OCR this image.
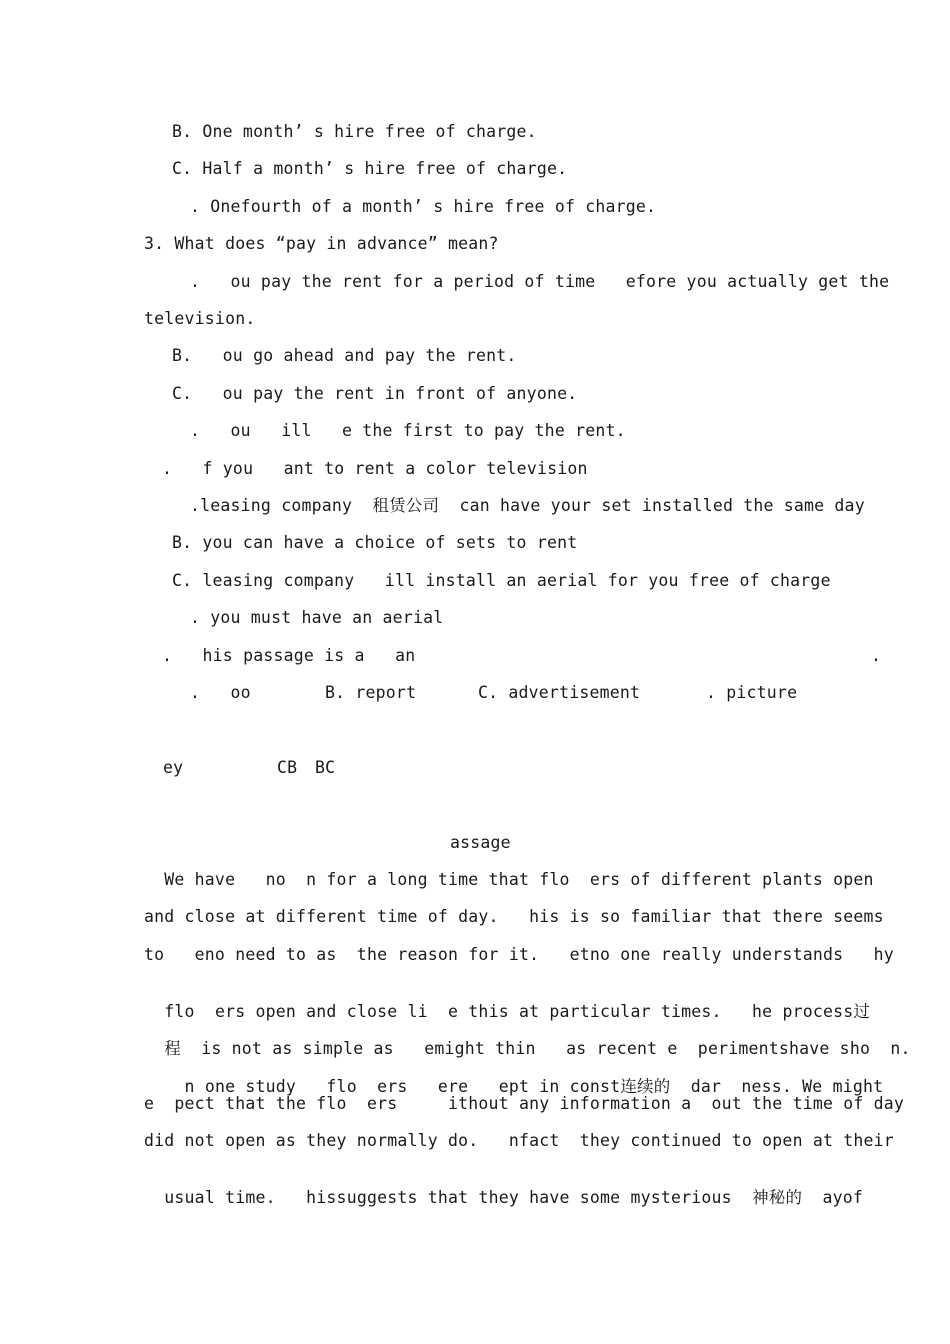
B. One month’ s hire free of charge.
C. Half a month’ s hire free of charge.
. Onefourth of a month’ s hire free of charge.
3. What does “pay in advance” mean?
.   ou pay the rent for a period of time   efore you actually get the
television.
B.   ou go ahead and pay the rent.
C.   ou pay the rent in front of anyone.
.   ou   ill   e the first to pay the rent.
.   f you   ant to rent a color television
.leasing company  租赁公司  can have your set installed the same day
B. you can have a choice of sets to rent
C. leasing company   ill install an aerial for you free of charge
. you must have an aerial
.   his passage is a   an	.
.   oo	B. report	C. advertisement	. picture
ey	CB BC
assage
We have   no  n for a long time that flo  ers of different plants open
and close at different time of day.   his is so familiar that there seems
to   eno need to as  the reason for it.   etno one really understands   hy

flo  ers open and close li  e this at particular times.   he process过

程  is not as simple as   emight thin   as recent e  perimentshave sho  n.

n one study   flo  ers   ere   ept in const连续的  dar  ness. We might

e  pect that the flo  ers     ithout any information a  out the time of day
did not open as they normally do.   nfact  they continued to open at their

usual time.   hissuggests that they have some mysterious 神秘的  ayof
